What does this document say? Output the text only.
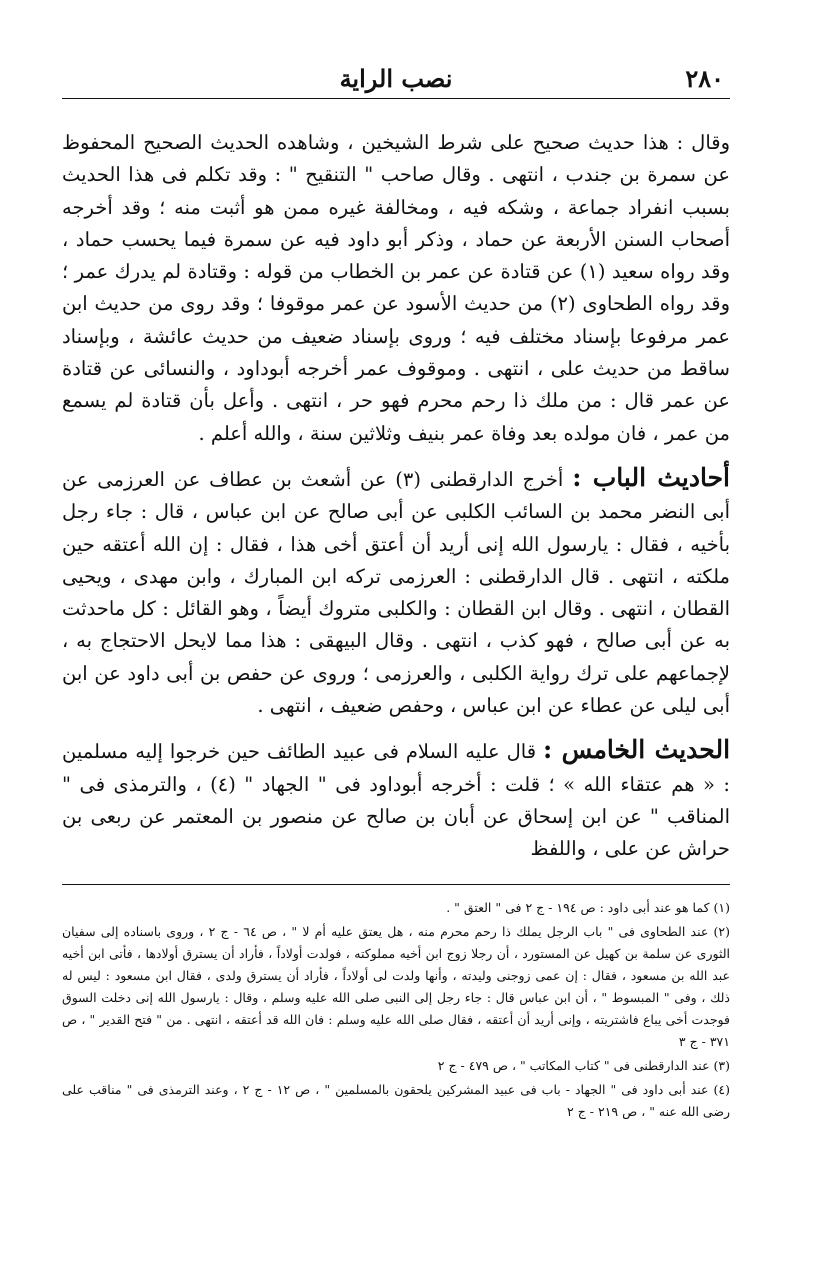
٢٨٠
نصب الراية

وقال : هذا حديث صحيح على شرط الشيخين ، وشاهده الحديث الصحيح المحفوظ عن سمرة بن جندب ، انتهى . وقال صاحب " التنقيح " : وقد تكلم فى هذا الحديث بسبب انفراد جماعة ، وشكه فيه ، ومخالفة غيره ممن هو أثبت منه ؛ وقد أخرجه أصحاب السنن الأربعة عن حماد ، وذكر أبو داود فيه عن سمرة فيما يحسب حماد ، وقد رواه سعيد (١) عن قتادة عن عمر بن الخطاب من قوله : وقتادة لم يدرك عمر ؛ وقد رواه الطحاوى (٢) من حديث الأسود عن عمر موقوفا ؛ وقد روى من حديث ابن عمر مرفوعا بإسناد مختلف فيه ؛ وروى بإسناد ضعيف من حديث عائشة ، وبإسناد ساقط من حديث على ، انتهى . وموقوف عمر أخرجه أبوداود ، والنسائى عن قتادة عن عمر قال : من ملك ذا رحم محرم فهو حر ، انتهى . وأعل بأن قتادة لم يسمع من عمر ، فان مولده بعد وفاة عمر بنيف وثلاثين سنة ، والله أعلم .

أحاديث الباب : أخرج الدارقطنى (٣) عن أشعث بن عطاف عن العرزمى عن أبى النضر محمد بن السائب الكلبى عن أبى صالح عن ابن عباس ، قال : جاء رجل بأخيه ، فقال : يارسول الله إنى أريد أن أعتق أخى هذا ، فقال : إن الله أعتقه حين ملكته ، انتهى . قال الدارقطنى : العرزمى تركه ابن المبارك ، وابن مهدى ، ويحيى القطان ، انتهى . وقال ابن القطان : والكلبى متروك أيضاً ، وهو القائل : كل ماحدثت به عن أبى صالح ، فهو كذب ، انتهى . وقال البيهقى : هذا مما لايحل الاحتجاج به ، لإجماعهم على ترك رواية الكلبى ، والعرزمى ؛ وروى عن حفص بن أبى داود عن ابن أبى ليلى عن عطاء عن ابن عباس ، وحفص ضعيف ، انتهى .

الحديث الخامس : قال عليه السلام فى عبيد الطائف حين خرجوا إليه مسلمين : « هم عتقاء الله » ؛ قلت : أخرجه أبوداود فى " الجهاد " (٤) ، والترمذى فى " المناقب " عن ابن إسحاق عن أبان بن صالح عن منصور بن المعتمر عن ربعى بن حراش عن على ، واللفظ

(١) كما هو عند أبى داود : ص ١٩٤ - ج ٢ فى " العتق " .

(٢) عند الطحاوى فى " باب الرجل يملك ذا رحم محرم منه ، هل يعتق عليه أم لا " ، ص ٦٤ - ج ٢ ، وروى باسناده إلى سفيان الثورى عن سلمة بن كهيل عن المستورد ، أن رجلا زوج ابن أخيه مملوكته ، فولدت أولاداً ، فأراد أن يسترق أولادها ، فأتى ابن أخيه عبد الله بن مسعود ، فقال : إن عمى زوجنى وليدته ، وأنها ولدت لى أولاداً ، فأراد أن يسترق ولدى ، فقال ابن مسعود : ليس له ذلك ، وفى " المبسوط " ، أن ابن عباس قال : جاء رجل إلى النبى صلى الله عليه وسلم ، وقال : يارسول الله إنى دخلت السوق فوجدت أخى يباع فاشتريته ، وإنى أريد أن أعتقه ، فقال صلى الله عليه وسلم : فان الله قد أعتقه ، انتهى . من " فتح القدير " ، ص ٣٧١ - ج ٣

(٣) عند الدارقطنى فى " كتاب المكاتب " ، ص ٤٧٩ - ج ٢

(٤) عند أبى داود فى " الجهاد - باب فى عبيد المشركين يلحقون بالمسلمين " ، ص ١٢ - ج ٢ ، وعند الترمذى فى " مناقب على رضى الله عنه " ، ص ٢١٩ - ج ٢
